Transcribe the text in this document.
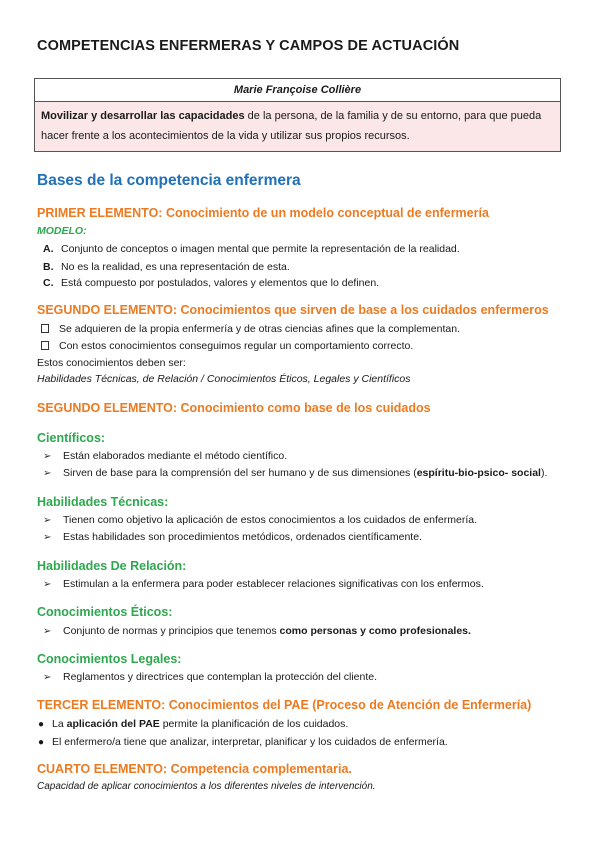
COMPETENCIAS ENFERMERAS Y CAMPOS DE ACTUACIÓN
Marie Françoise Collière
Movilizar y desarrollar las capacidades de la persona, de la familia y de su entorno, para que pueda
hacer frente a los acontecimientos de la vida y utilizar sus propios recursos.
Bases de la competencia enfermera
PRIMER ELEMENTO: Conocimiento de un modelo conceptual de enfermería
MODELO:
A. Conjunto de conceptos o imagen mental que permite la representación de la realidad.
B. No es la realidad, es una representación de esta.
C. Está compuesto por postulados, valores y elementos que lo definen.
SEGUNDO ELEMENTO: Conocimientos que sirven de base a los cuidados enfermeros
Se adquieren de la propia enfermería y de otras ciencias afines que la complementan.
Con estos conocimientos conseguimos regular un comportamiento correcto.
Estos conocimientos deben ser:
Habilidades Técnicas, de Relación / Conocimientos Éticos, Legales y Científicos
SEGUNDO ELEMENTO: Conocimiento como base de los cuidados
Científicos:
➢ Están elaborados mediante el método científico.
➢ Sirven de base para la comprensión del ser humano y de sus dimensiones (espíritu-bio-psico- social).
Habilidades Técnicas:
➢ Tienen como objetivo la aplicación de estos conocimientos a los cuidados de enfermería.
➢ Estas habilidades son procedimientos metódicos, ordenados científicamente.
Habilidades De Relación:
➢ Estimulan a la enfermera para poder establecer relaciones significativas con los enfermos.
Conocimientos Éticos:
➢ Conjunto de normas y principios que tenemos como personas y como profesionales.
Conocimientos Legales:
➢ Reglamentos y directrices que contemplan la protección del cliente.
TERCER ELEMENTO: Conocimientos del PAE (Proceso de Atención de Enfermería)
● La aplicación del PAE permite la planificación de los cuidados.
● El enfermero/a tiene que analizar, interpretar, planificar y los cuidados de enfermería.
CUARTO ELEMENTO: Competencia complementaria.
Capacidad de aplicar conocimientos a los diferentes niveles de intervención.
